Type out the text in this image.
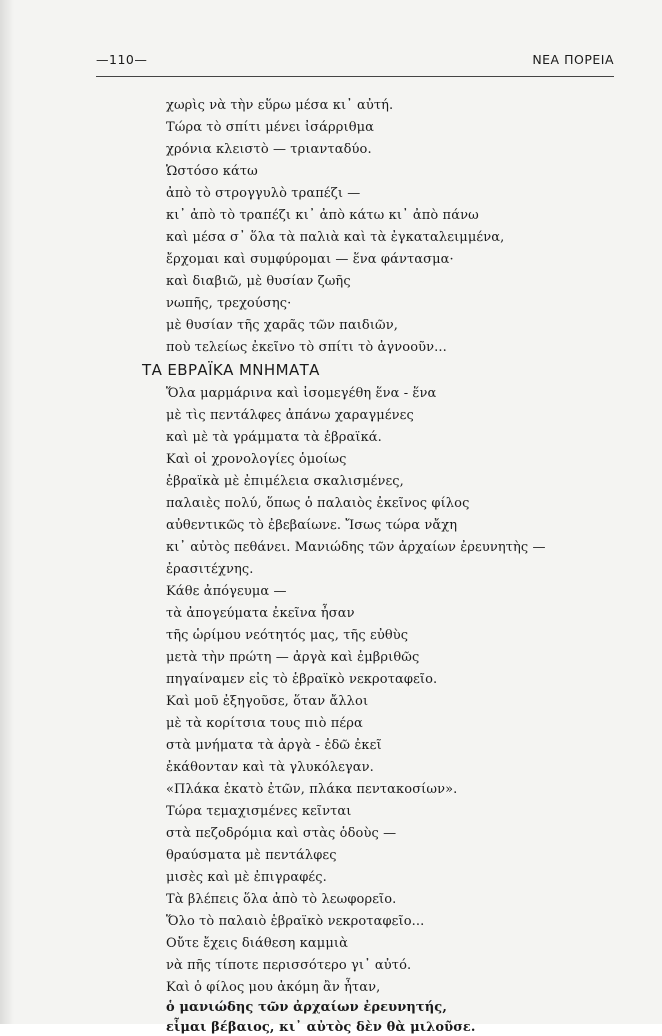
—110—	ΝΕΑ ΠΟΡΕΙΑ
χωρὶς νὰ τὴν εὕρω μέσα κι᾽ αὐτή.
Τώρα τὸ σπίτι μένει ἰσάρριθμα
χρόνια κλειστὸ — τριανταδύο.
Ὡστόσο κάτω
ἀπὸ τὸ στρογγυλὸ τραπέζι —
κι᾽ ἀπὸ τὸ τραπέζι κι᾽ ἀπὸ κάτω κι᾽ ἀπὸ πάνω
καὶ μέσα σ᾽ ὅλα τὰ παλιὰ καὶ τὰ ἐγκαταλειμμένα,
ἔρχομαι καὶ συμφύρομαι — ἕνα φάντασμα·
καὶ διαβιῶ, μὲ θυσίαν ζωῆς
νωπῆς, τρεχούσης·
μὲ θυσίαν τῆς χαρᾶς τῶν παιδιῶν,
ποὺ τελείως ἐκεῖνο τὸ σπίτι τὸ ἀγνοοῦν...
ΤΑ ΕΒΡΑΪΚΑ ΜΝΗΜΑΤΑ
Ὅλα μαρμάρινα καὶ ἰσομεγέθη ἕνα - ἕνα
μὲ τὶς πεντάλφες ἀπάνω χαραγμένες
καὶ μὲ τὰ γράμματα τὰ ἑβραϊκά.
Καὶ οἱ χρονολογίες ὁμοίως
ἑβραϊκὰ μὲ ἐπιμέλεια σκαλισμένες,
παλαιὲς πολύ, ὅπως ὁ παλαιὸς ἐκεῖνος φίλος
αὐθεντικῶς τὸ ἐβεβαίωνε. Ἴσως τώρα νἄχη
κι᾽ αὐτὸς πεθάνει. Μανιώδης τῶν ἀρχαίων ἐρευνητὴς —
ἐρασιτέχνης.
Κάθε ἀπόγευμα —
τὰ ἀπογεύματα ἐκεῖνα ἦσαν
τῆς ὡρίμου νεότητός μας, τῆς εὐθὺς
μετὰ τὴν πρώτη — ἀργὰ καὶ ἐμβριθῶς
πηγαίναμεν εἰς τὸ ἑβραϊκὸ νεκροταφεῖο.
Καὶ μοῦ ἐξηγοῦσε, ὅταν ἄλλοι
μὲ τὰ κορίτσια τους πιὸ πέρα
στὰ μνήματα τὰ ἀργὰ - ἐδῶ ἐκεῖ
ἐκάθονταν καὶ τὰ γλυκόλεγαν.
«Πλάκα ἑκατὸ ἐτῶν, πλάκα πεντακοσίων».
Τώρα τεμαχισμένες κεῖνται
στὰ πεζοδρόμια καὶ στὰς ὁδοὺς —
θραύσματα μὲ πεντάλφες
μισὲς καὶ μὲ ἐπιγραφές.
Τὰ βλέπεις ὅλα ἀπὸ τὸ λεωφορεῖο.
Ὅλο τὸ παλαιὸ ἑβραϊκὸ νεκροταφεῖο...
Οὔτε ἔχεις διάθεση καμμιὰ
νὰ πῆς τίποτε περισσότερο γι᾽ αὐτό.
Καὶ ὁ φίλος μου ἀκόμη ἂν ἦταν,
ὁ μανιώδης τῶν ἀρχαίων ἐρευνητής,
εἶμαι βέβαιος, κι᾽ αὐτὸς δὲν θὰ μιλοῦσε.
